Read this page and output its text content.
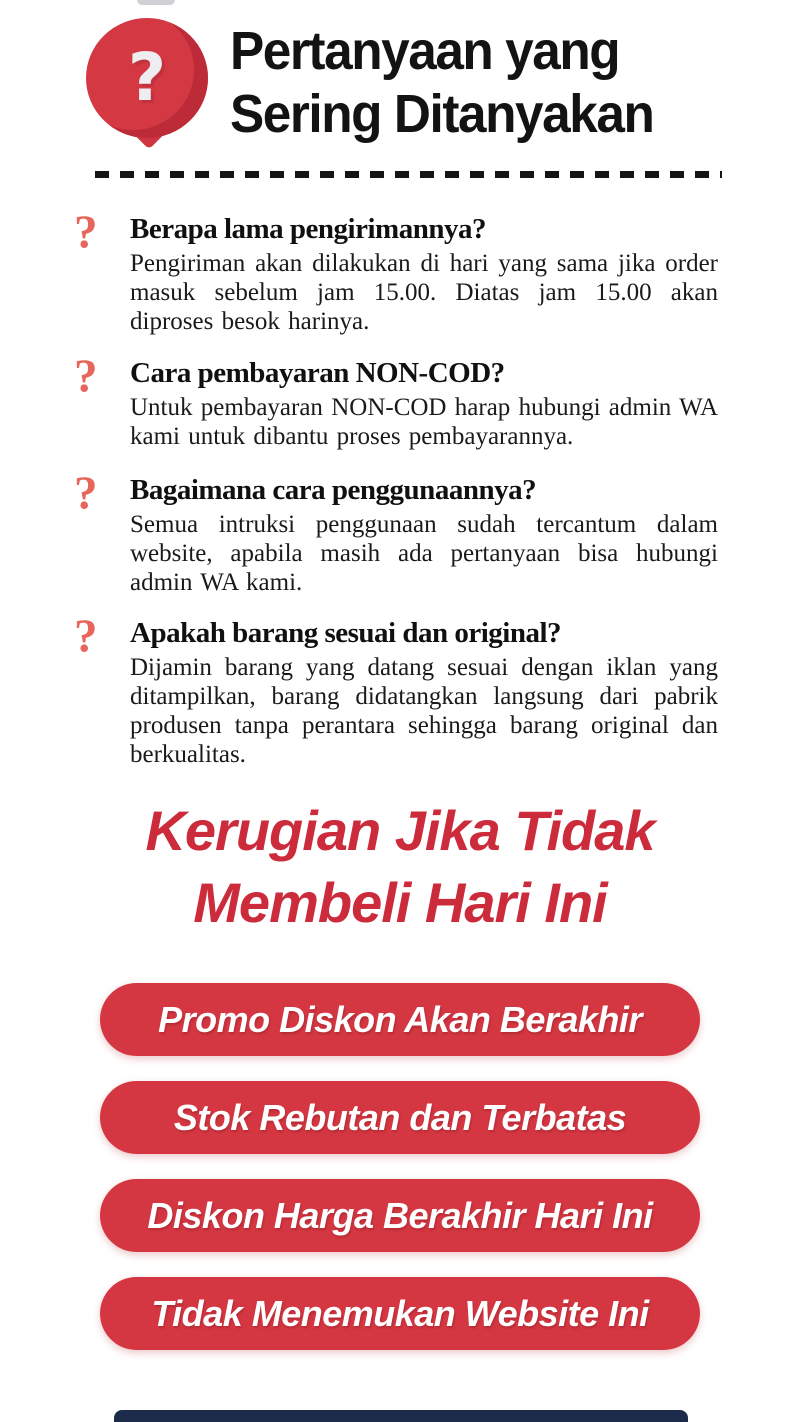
? Pertanyaan yang
Sering Ditanyakan
? Berapa lama pengirimannya?
Pengiriman akan dilakukan di hari yang sama jika order masuk sebelum jam 15.00. Diatas jam 15.00 akan diproses besok harinya.
? Cara pembayaran NON-COD?
Untuk pembayaran NON-COD harap hubungi admin WA kami untuk dibantu proses pembayarannya.
? Bagaimana cara penggunaannya?
Semua intruksi penggunaan sudah tercantum dalam website, apabila masih ada pertanyaan bisa hubungi admin WA kami.
? Apakah barang sesuai dan original?
Dijamin barang yang datang sesuai dengan iklan yang ditampilkan, barang didatangkan langsung dari pabrik produsen tanpa perantara sehingga barang original dan berkualitas.
Kerugian Jika Tidak
Membeli Hari Ini
Promo Diskon Akan Berakhir
Stok Rebutan dan Terbatas
Diskon Harga Berakhir Hari Ini
Tidak Menemukan Website Ini
